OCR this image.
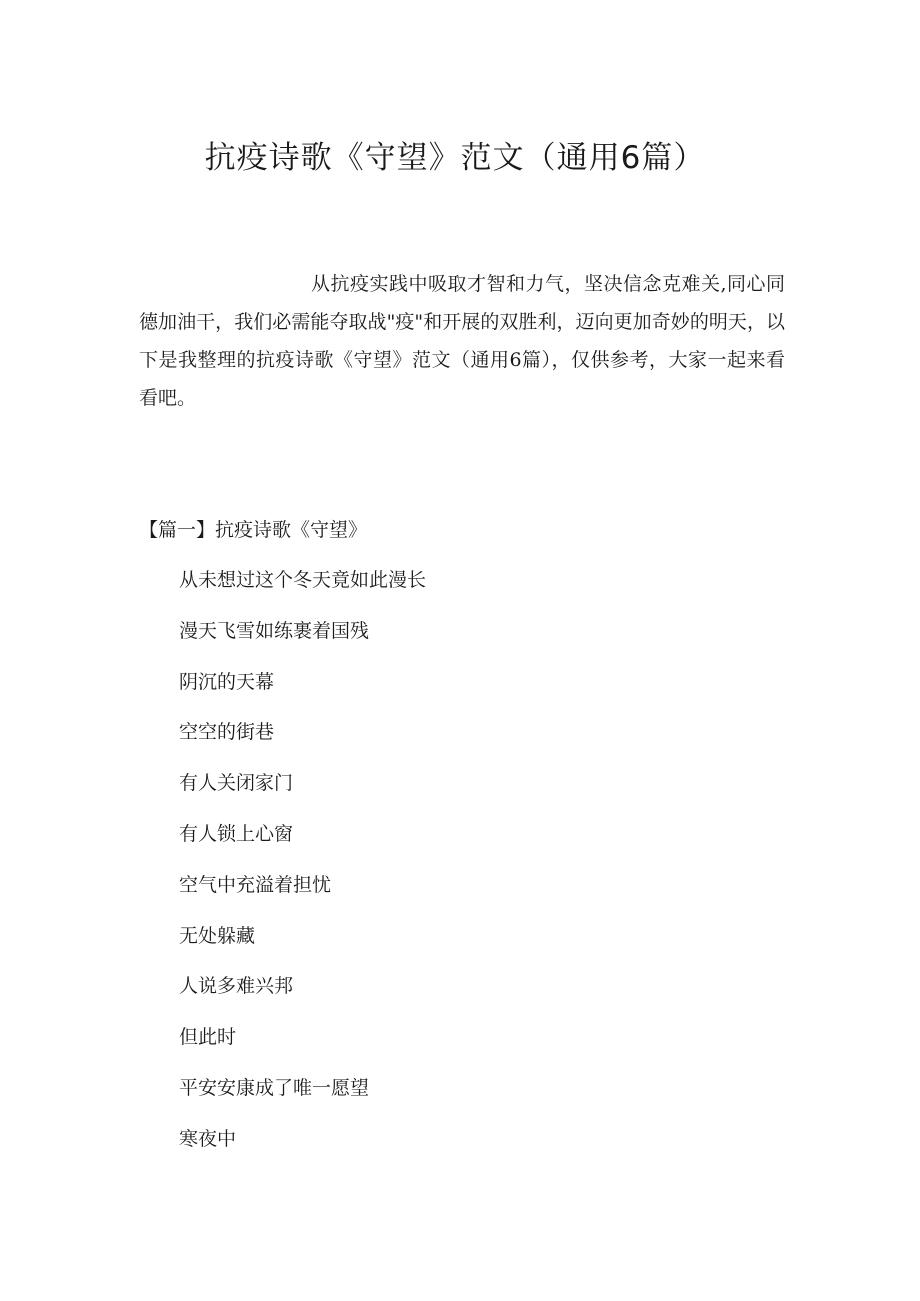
抗疫诗歌《守望》范文（通用6篇）

从抗疫实践中吸取才智和力气，坚决信念克难关,同心同德加油干，我们必需能夺取战"疫"和开展的双胜利，迈向更加奇妙的明天，以下是我整理的抗疫诗歌《守望》范文（通用6篇），仅供参考，大家一起来看看吧。

【篇一】抗疫诗歌《守望》
从未想过这个冬天竟如此漫长
漫天飞雪如练裹着国残
阴沉的天幕
空空的街巷
有人关闭家门
有人锁上心窗
空气中充溢着担忧
无处躲藏
人说多难兴邦
但此时
平安安康成了唯一愿望
寒夜中
